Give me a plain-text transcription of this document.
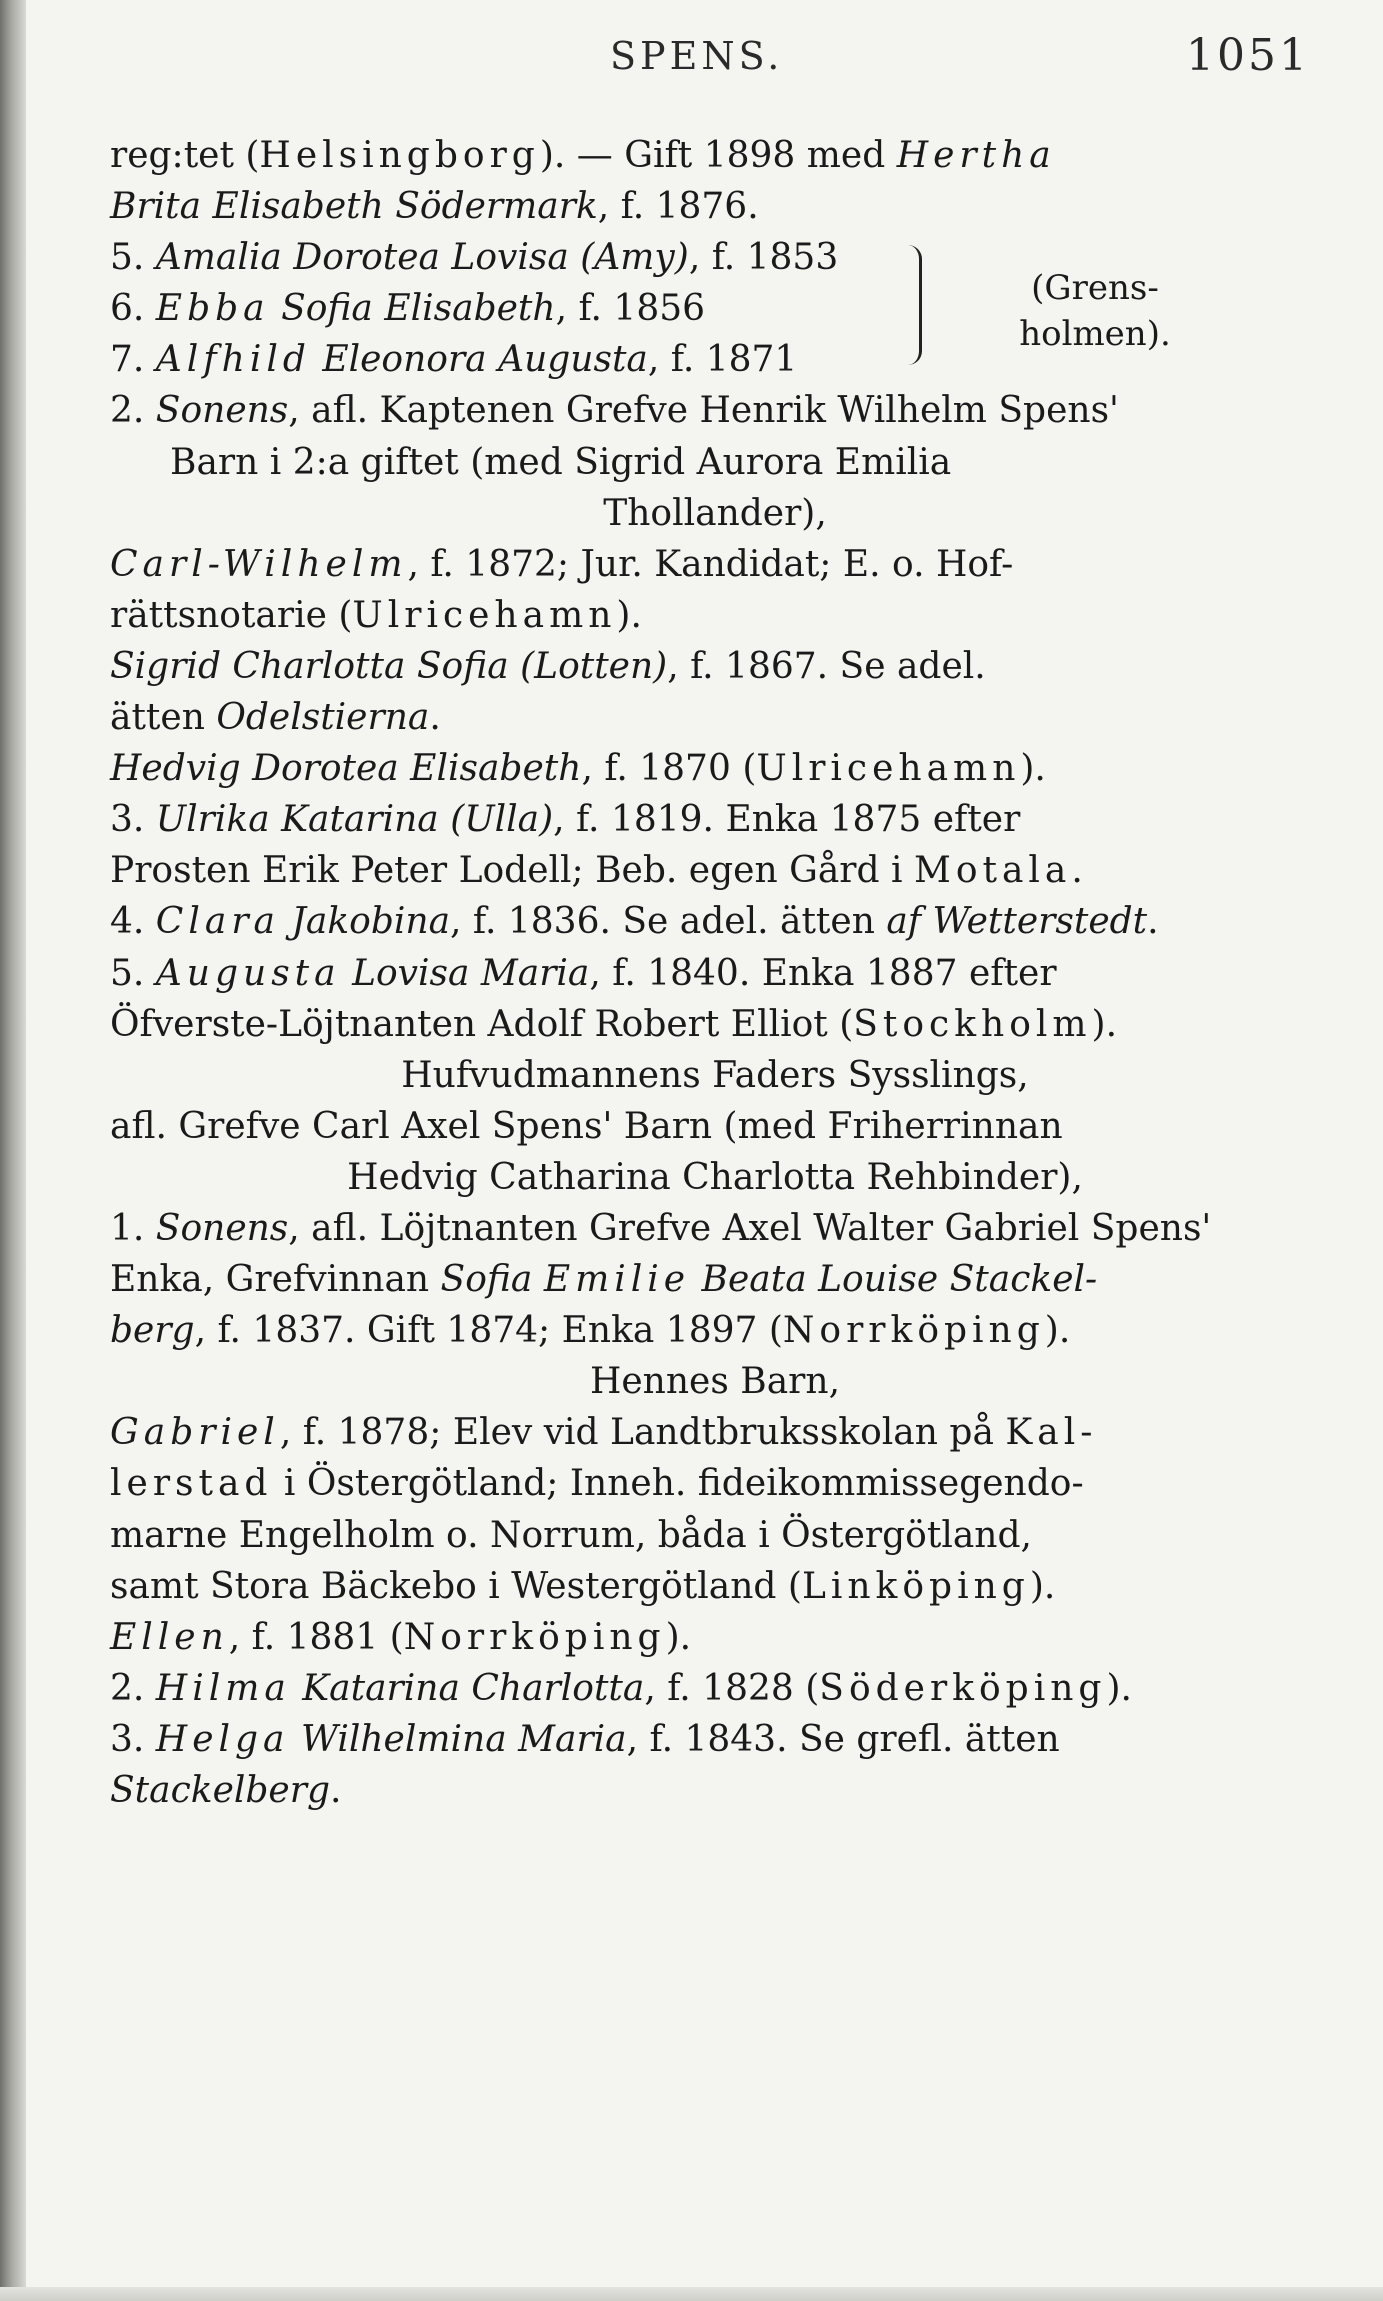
SPENS.	1051
reg:tet (Helsingborg). — Gift 1898 med Hertha
Brita Elisabeth Södermark, f. 1876.
5. Amalia Dorotea Lovisa (Amy), f. 1853
6. Ebba Sofia Elisabeth, f. 1856
7. Alfhild Eleonora Augusta, f. 1871
2. Sonens, afl. Kaptenen Grefve Henrik Wilhelm Spens'
Barn i 2:a giftet (med Sigrid Aurora Emilia
Thollander),
Carl-Wilhelm, f. 1872; Jur. Kandidat; E. o. Hof-
rättsnotarie (Ulricehamn).
Sigrid Charlotta Sofia (Lotten), f. 1867. Se adel.
ätten Odelstierna.
Hedvig Dorotea Elisabeth, f. 1870 (Ulricehamn).
3. Ulrika Katarina (Ulla), f. 1819. Enka 1875 efter
Prosten Erik Peter Lodell; Beb. egen Gård i Motala.
4. Clara Jakobina, f. 1836. Se adel. ätten af Wetterstedt.
5. Augusta Lovisa Maria, f. 1840. Enka 1887 efter
Öfverste-Löjtnanten Adolf Robert Elliot (Stockholm).
Hufvudmannens Faders Sysslings,
afl. Grefve Carl Axel Spens' Barn (med Friherrinnan
Hedvig Catharina Charlotta Rehbinder),
1. Sonens, afl. Löjtnanten Grefve Axel Walter Gabriel Spens'
Enka, Grefvinnan Sofia Emilie Beata Louise Stackel-
berg, f. 1837. Gift 1874; Enka 1897 (Norrköping).
Hennes Barn,
Gabriel, f. 1878; Elev vid Landtbruksskolan på Kal-
lerstad i Östergötland; Inneh. fideikommissegendo-
marne Engelholm o. Norrum, båda i Östergötland,
samt Stora Bäckebo i Westergötland (Linköping).
Ellen, f. 1881 (Norrköping).
2. Hilma Katarina Charlotta, f. 1828 (Söderköping).
3. Helga Wilhelmina Maria, f. 1843. Se grefl. ätten
Stackelberg.
(Grens-
holmen).
